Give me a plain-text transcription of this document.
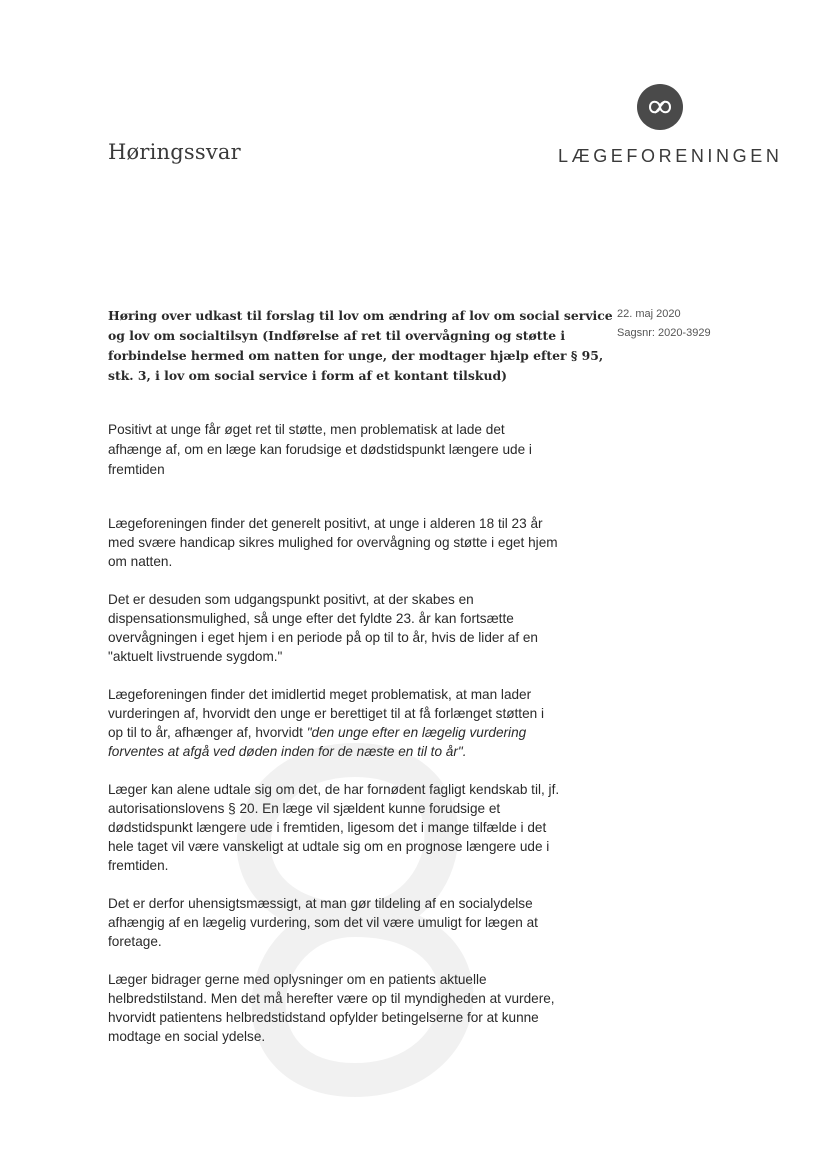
Høringssvar	LÆGEFORENINGEN
22. maj 2020
Sagsnr: 2020-3929
Høring over udkast til forslag til lov om ændring af lov om social service
og lov om socialtilsyn (Indførelse af ret til overvågning og støtte i
forbindelse hermed om natten for unge, der modtager hjælp efter § 95,
stk. 3, i lov om social service i form af et kontant tilskud)
Positivt at unge får øget ret til støtte, men problematisk at lade det
afhænge af, om en læge kan forudsige et dødstidspunkt længere ude i
fremtiden
Lægeforeningen finder det generelt positivt, at unge i alderen 18 til 23 år
med svære handicap sikres mulighed for overvågning og støtte i eget hjem
om natten.
Det er desuden som udgangspunkt positivt, at der skabes en
dispensationsmulighed, så unge efter det fyldte 23. år kan fortsætte
overvågningen i eget hjem i en periode på op til to år, hvis de lider af en
"aktuelt livstruende sygdom."
Lægeforeningen finder det imidlertid meget problematisk, at man lader
vurderingen af, hvorvidt den unge er berettiget til at få forlænget støtten i
op til to år, afhænger af, hvorvidt "den unge efter en lægelig vurdering
forventes at afgå ved døden inden for de næste en til to år".
Læger kan alene udtale sig om det, de har fornødent fagligt kendskab til, jf.
autorisationslovens § 20. En læge vil sjældent kunne forudsige et
dødstidspunkt længere ude i fremtiden, ligesom det i mange tilfælde i det
hele taget vil være vanskeligt at udtale sig om en prognose længere ude i
fremtiden.
Det er derfor uhensigtsmæssigt, at man gør tildeling af en socialydelse
afhængig af en lægelig vurdering, som det vil være umuligt for lægen at
foretage.
Læger bidrager gerne med oplysninger om en patients aktuelle
helbredstilstand. Men det må herefter være op til myndigheden at vurdere,
hvorvidt patientens helbredstidstand opfylder betingelserne for at kunne
modtage en social ydelse.
